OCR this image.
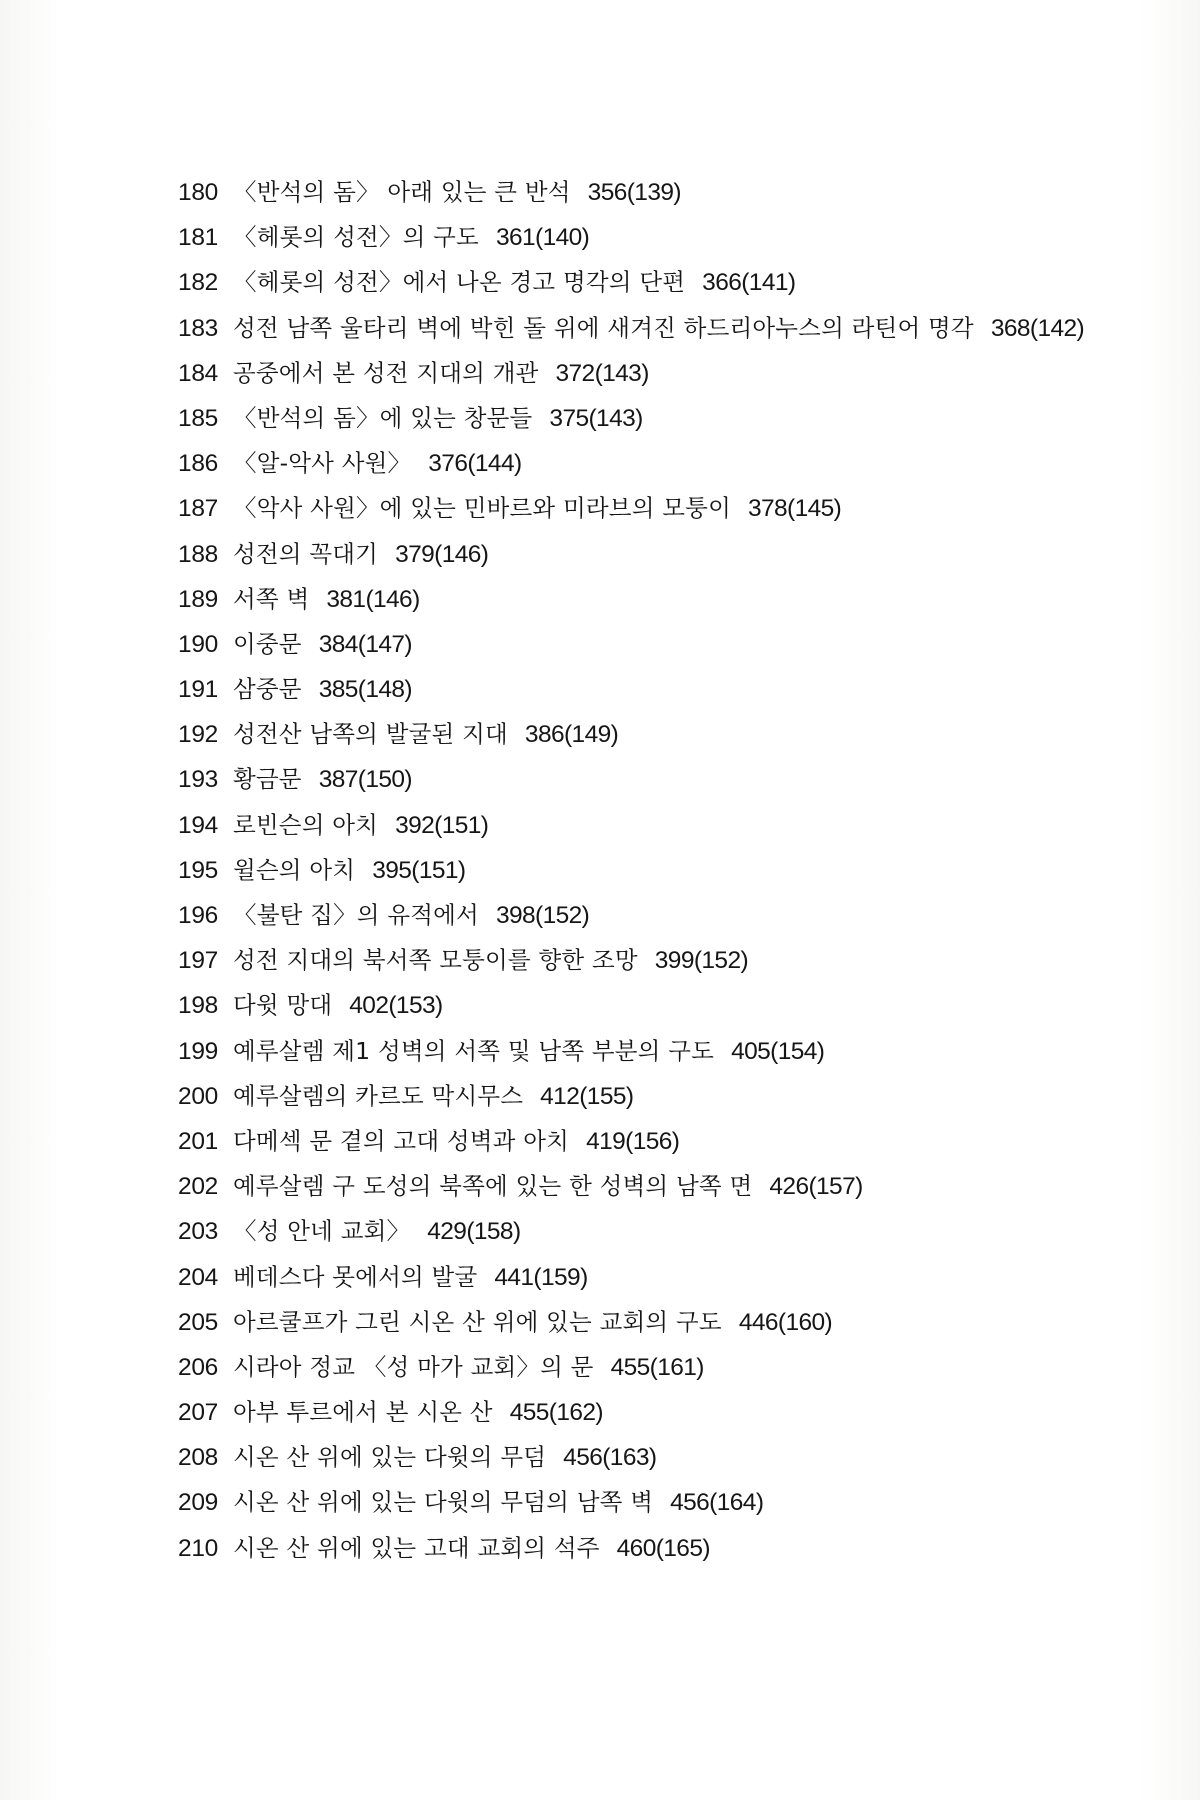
180 〈반석의 돔〉 아래 있는 큰 반석 356(139)
181 〈헤롯의 성전〉의 구도 361(140)
182 〈헤롯의 성전〉에서 나온 경고 명각의 단편 366(141)
183 성전 남쪽 울타리 벽에 박힌 돌 위에 새겨진 하드리아누스의 라틴어 명각 368(142)
184 공중에서 본 성전 지대의 개관 372(143)
185 〈반석의 돔〉에 있는 창문들 375(143)
186 〈알-악사 사원〉 376(144)
187 〈악사 사원〉에 있는 민바르와 미라브의 모퉁이 378(145)
188 성전의 꼭대기 379(146)
189 서쪽 벽 381(146)
190 이중문 384(147)
191 삼중문 385(148)
192 성전산 남쪽의 발굴된 지대 386(149)
193 황금문 387(150)
194 로빈슨의 아치 392(151)
195 윌슨의 아치 395(151)
196 〈불탄 집〉의 유적에서 398(152)
197 성전 지대의 북서쪽 모퉁이를 향한 조망 399(152)
198 다윗 망대 402(153)
199 예루살렘 제1 성벽의 서쪽 및 남쪽 부분의 구도 405(154)
200 예루살렘의 카르도 막시무스 412(155)
201 다메섹 문 곁의 고대 성벽과 아치 419(156)
202 예루살렘 구 도성의 북쪽에 있는 한 성벽의 남쪽 면 426(157)
203 〈성 안네 교회〉 429(158)
204 베데스다 못에서의 발굴 441(159)
205 아르쿨프가 그린 시온 산 위에 있는 교회의 구도 446(160)
206 시라아 정교 〈성 마가 교회〉의 문 455(161)
207 아부 투르에서 본 시온 산 455(162)
208 시온 산 위에 있는 다윗의 무덤 456(163)
209 시온 산 위에 있는 다윗의 무덤의 남쪽 벽 456(164)
210 시온 산 위에 있는 고대 교회의 석주 460(165)
